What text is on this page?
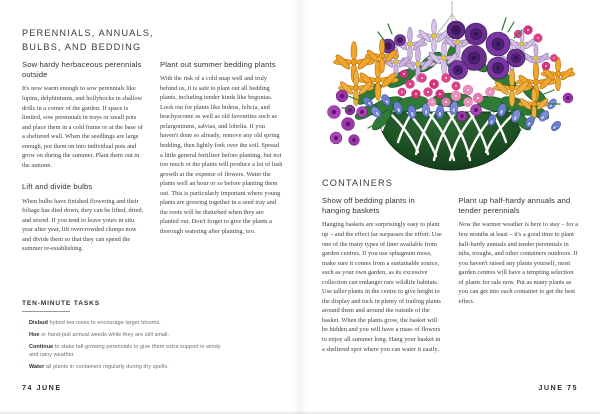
PERENNIALS, ANNUALS, BULBS, AND BEDDING
Sow hardy herbaceous perennials outside

It's now warm enough to sow perennials like lupins, delphiniums, and hollyhocks in shallow drills in a corner of the garden. If space is limited, sow perennials in trays or small pots and place them in a cold frame or at the base of a sheltered wall. When the seedlings are large enough, pot them on into individual pots and grow on during the summer. Plant them out in the autumn.

Lift and divide bulbs

When bulbs have finished flowering and their foliage has died down, they can be lifted, dried, and stored. If you tend to leave yours in situ year after year, lift overcrowded clumps now and divide them so that they can spend the summer re-establishing.

Plant out summer bedding plants

With the risk of a cold snap well and truly behind us, it is safe to plant out all bedding plants, including tender kinds like begonias. Look out for plants like bidens, felicia, and brachyscome as well as old favourites such as pelargoniums, salvias, and lobelia. If you haven't done so already, remove any old spring bedding, then lightly fork over the soil. Spread a little general fertilizer before planting, but not too much or the plants will produce a lot of lush growth at the expense of flowers. Water the plants well an hour or so before planting them out. This is particularly important where young plants are growing together in a seed tray and the roots will be disturbed when they are planted out. Don't forget to give the plants a thorough watering after planting, too.

TEN-MINUTE TASKS
· Disbud hybrid tea roses to encourage larger blooms.
· Hoe or hand-pull annual weeds while they are still small.
· Continue to stake tall-growing perennials to give them extra support in windy and rainy weather.
· Water all plants in containers regularly during dry spells.
74 JUNE
CONTAINERS
Show off bedding plants in hanging baskets

Hanging baskets are surprisingly easy to plant up – and the effect far surpasses the effort. Use one of the many types of liner available from garden centres. If you use sphagnum moss, make sure it comes from a sustainable source, such as your own garden, as its excessive collection can endanger rare wildlife habitats. Use taller plants in the centre to give height to the display and tuck in plenty of trailing plants around them and around the outside of the basket. When the plants grow, the basket will be hidden and you will have a mass of flowers to enjoy all summer long. Hang your basket in a sheltered spot where you can water it easily.

Plant up half-hardy annuals and tender perennials

Now the warmer weather is here to stay – for a few months at least – it's a good time to plant half-hardy annuals and tender perennials in tubs, troughs, and other containers outdoors. If you haven't raised any plants yourself, most garden centres will have a tempting selection of plants for sale now. Put as many plants as you can get into each container to get the best effect.

JUNE 75
